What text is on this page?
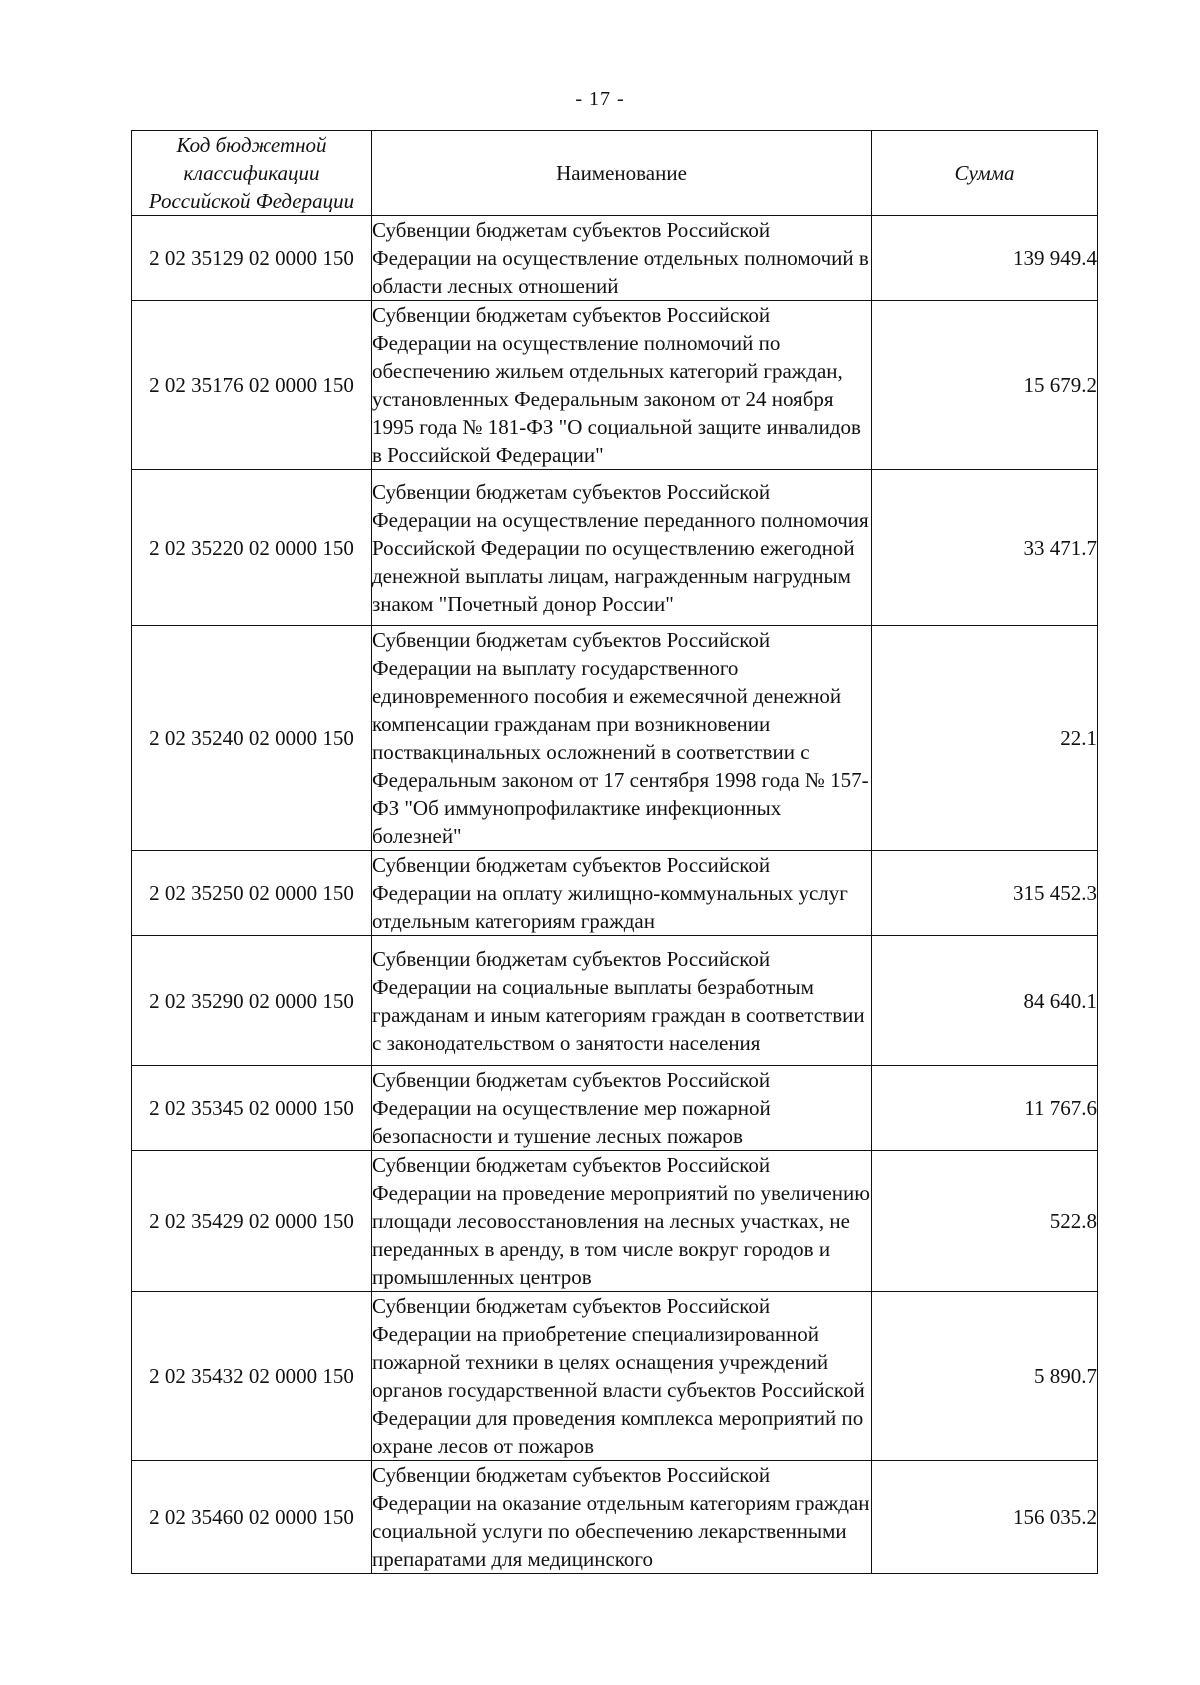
- 17 -
Код бюджетной классификации Российской Федерации	Наименование	Сумма
2 02 35129 02 0000 150	Субвенции бюджетам субъектов Российской Федерации на осуществление отдельных полномочий в области лесных отношений	139 949.4
2 02 35176 02 0000 150	Субвенции бюджетам субъектов Российской Федерации на осуществление полномочий по обеспечению жильем отдельных категорий граждан, установленных Федеральным законом от 24 ноября 1995 года № 181-ФЗ "О социальной защите инвалидов в Российской Федерации"	15 679.2
2 02 35220 02 0000 150	Субвенции бюджетам субъектов Российской Федерации на осуществление переданного полномочия Российской Федерации по осуществлению ежегодной денежной выплаты лицам, награжденным нагрудным знаком "Почетный донор России"	33 471.7
2 02 35240 02 0000 150	Субвенции бюджетам субъектов Российской Федерации на выплату государственного единовременного пособия и ежемесячной денежной компенсации гражданам при возникновении поствакцинальных осложнений в соответствии с Федеральным законом от 17 сентября 1998 года № 157-ФЗ "Об иммунопрофилактике инфекционных болезней"	22.1
2 02 35250 02 0000 150	Субвенции бюджетам субъектов Российской Федерации на оплату жилищно-коммунальных услуг отдельным категориям граждан	315 452.3
2 02 35290 02 0000 150	Субвенции бюджетам субъектов Российской Федерации на социальные выплаты безработным гражданам и иным категориям граждан в соответствии с законодательством о занятости населения	84 640.1
2 02 35345 02 0000 150	Субвенции бюджетам субъектов Российской Федерации на осуществление мер пожарной безопасности и тушение лесных пожаров	11 767.6
2 02 35429 02 0000 150	Субвенции бюджетам субъектов Российской Федерации на проведение мероприятий по увеличению площади лесовосстановления на лесных участках, не переданных в аренду, в том числе вокруг городов и промышленных центров	522.8
2 02 35432 02 0000 150	Субвенции бюджетам субъектов Российской Федерации на приобретение специализированной пожарной техники в целях оснащения учреждений органов государственной власти субъектов Российской Федерации для проведения комплекса мероприятий по охране лесов от пожаров	5 890.7
2 02 35460 02 0000 150	Субвенции бюджетам субъектов Российской Федерации на оказание отдельным категориям граждан социальной услуги по обеспечению лекарственными препаратами для медицинского	156 035.2
